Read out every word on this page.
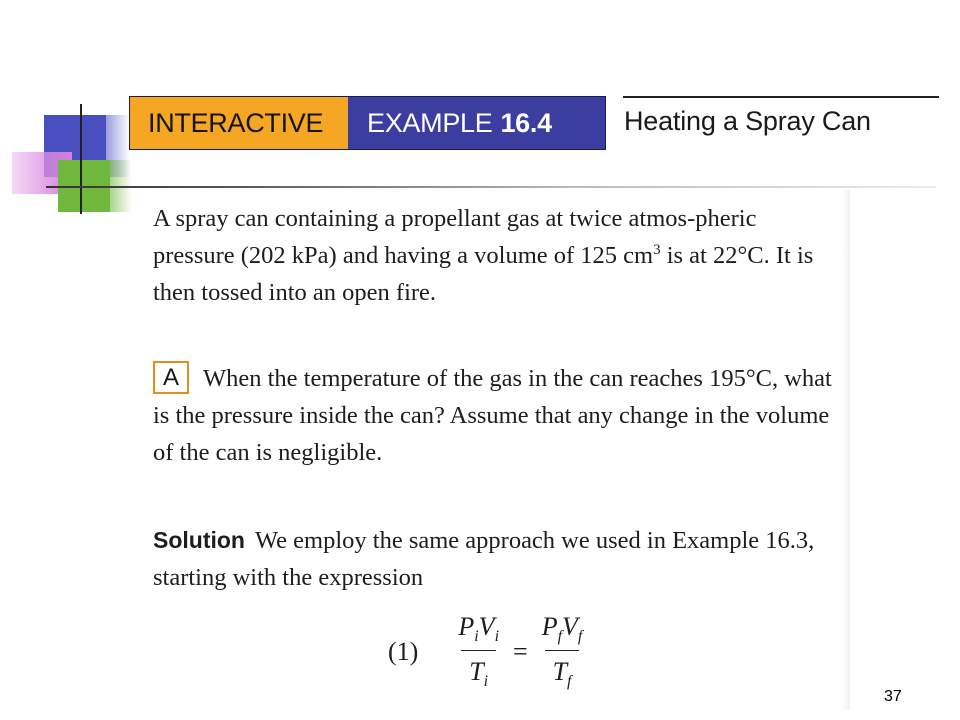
INTERACTIVE	EXAMPLE 16.4	Heating a Spray Can
A spray can containing a propellant gas at twice atmos-pheric pressure (202 kPa) and having a volume of 125 $cm^3$ is at 22°C. It is then tossed into an open fire.
A When the temperature of the gas in the can reaches 195°C, what is the pressure inside the can? Assume that any change in the volume of the can is negligible.
Solution We employ the same approach we used in Example 16.3, starting with the expression
$(1) \frac{P_iV_i}{T_i} = \frac{P_fV_f}{T_f}$
37
